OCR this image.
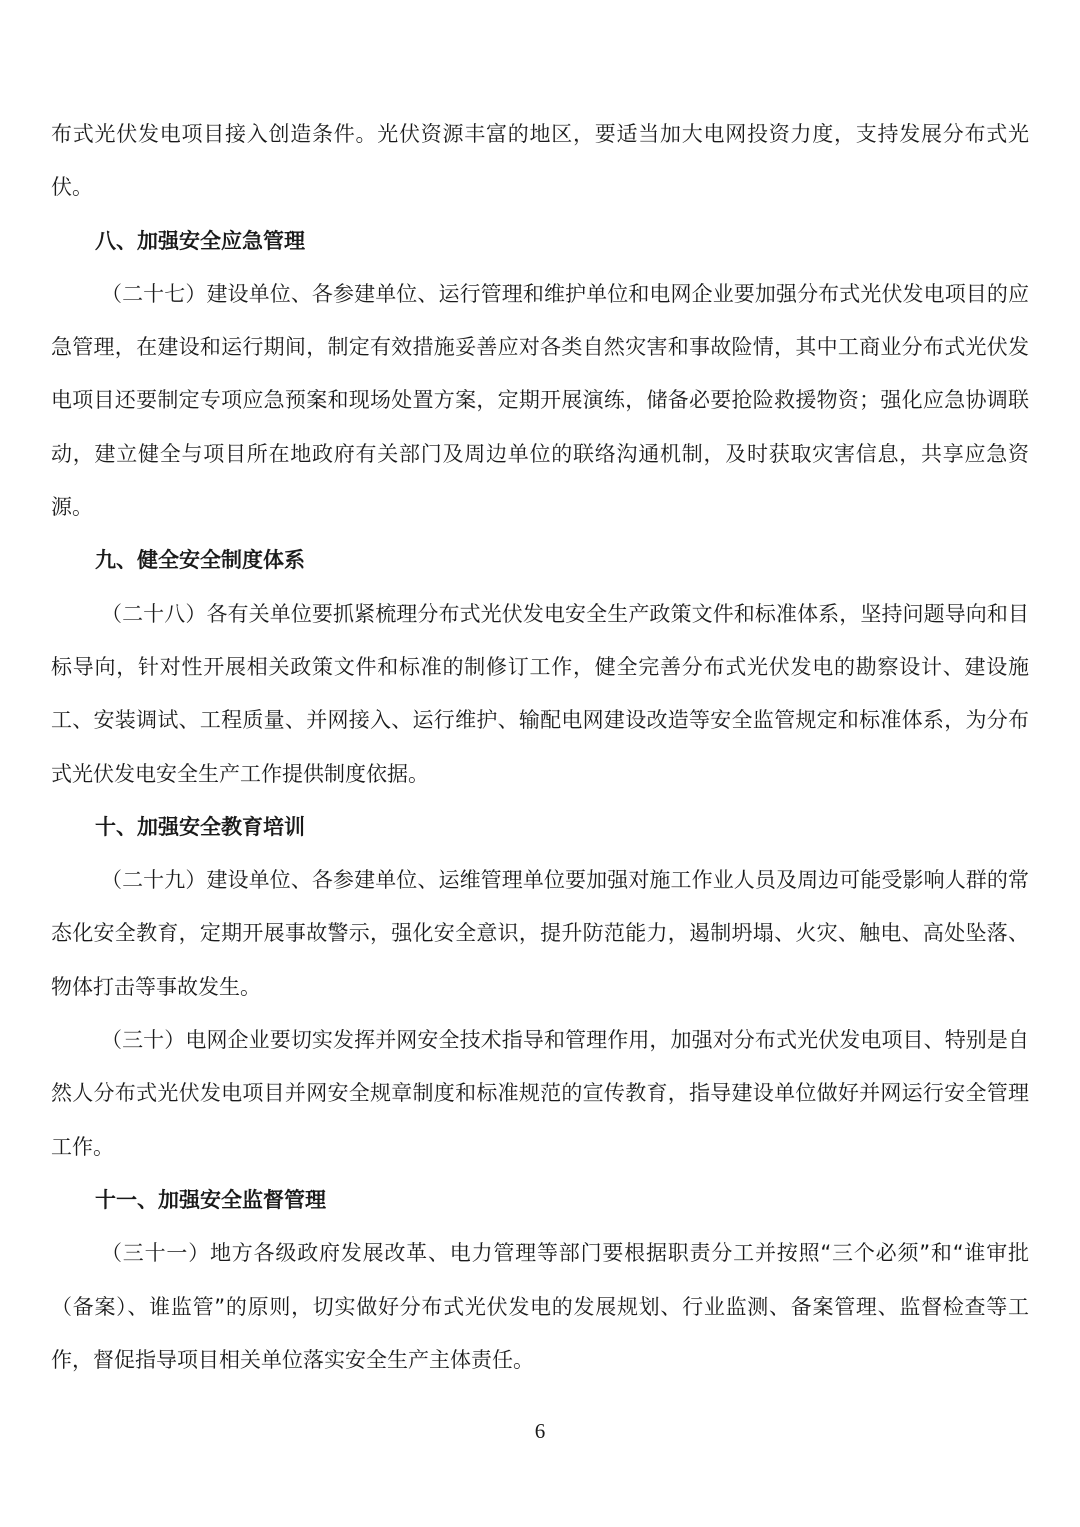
布式光伏发电项目接入创造条件。光伏资源丰富的地区，要适当加大电网投资力度，支持发展分布式光伏。

八、加强安全应急管理

（二十七）建设单位、各参建单位、运行管理和维护单位和电网企业要加强分布式光伏发电项目的应急管理，在建设和运行期间，制定有效措施妥善应对各类自然灾害和事故险情，其中工商业分布式光伏发电项目还要制定专项应急预案和现场处置方案，定期开展演练，储备必要抢险救援物资；强化应急协调联动，建立健全与项目所在地政府有关部门及周边单位的联络沟通机制，及时获取灾害信息，共享应急资源。

九、健全安全制度体系

（二十八）各有关单位要抓紧梳理分布式光伏发电安全生产政策文件和标准体系，坚持问题导向和目标导向，针对性开展相关政策文件和标准的制修订工作，健全完善分布式光伏发电的勘察设计、建设施工、安装调试、工程质量、并网接入、运行维护、输配电网建设改造等安全监管规定和标准体系，为分布式光伏发电安全生产工作提供制度依据。

十、加强安全教育培训

（二十九）建设单位、各参建单位、运维管理单位要加强对施工作业人员及周边可能受影响人群的常态化安全教育，定期开展事故警示，强化安全意识，提升防范能力，遏制坍塌、火灾、触电、高处坠落、物体打击等事故发生。

（三十）电网企业要切实发挥并网安全技术指导和管理作用，加强对分布式光伏发电项目、特别是自然人分布式光伏发电项目并网安全规章制度和标准规范的宣传教育，指导建设单位做好并网运行安全管理工作。

十一、加强安全监督管理

（三十一）地方各级政府发展改革、电力管理等部门要根据职责分工并按照“三个必须”和“谁审批（备案）、谁监管”的原则，切实做好分布式光伏发电的发展规划、行业监测、备案管理、监督检查等工作，督促指导项目相关单位落实安全生产主体责任。

6
